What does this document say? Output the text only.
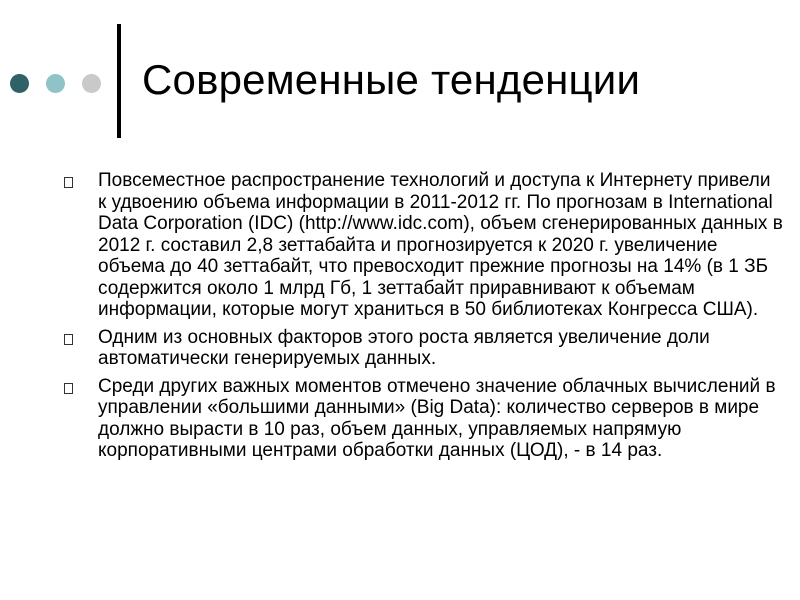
Современные тенденции
Повсеместное распространение технологий и доступа к Интернету привели к удвоению объема информации в 2011-2012 гг. По прогнозам в International Data Corporation (IDC) (http://www.idc.com), объем сгенерированных данных в 2012 г. составил 2,8 зеттабайта и прогнозируется к 2020 г. увеличение объема до 40 зеттабайт, что превосходит прежние прогнозы на 14% (в 1 ЗБ содержится около 1 млрд Гб, 1 зеттабайт приравнивают к объемам информации, которые могут храниться в 50 библиотеках Конгресса США).
Одним из основных факторов этого роста является увеличение доли автоматически генерируемых данных.
Среди других важных моментов отмечено значение облачных вычислений в управлении «большими данными» (Big Data): количество серверов в мире должно вырасти в 10 раз, объем данных, управляемых напрямую корпоративными центрами обработки данных (ЦОД), - в 14 раз.
